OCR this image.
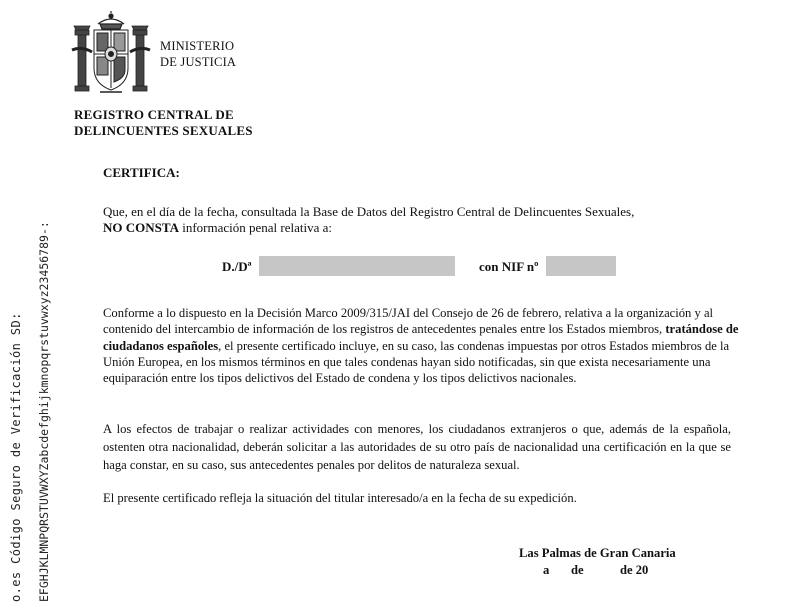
MINISTERIO
DE JUSTICIA
REGISTRO CENTRAL DE
DELINCUENTES SEXUALES
CERTIFICA:
Que, en el día de la fecha, consultada la Base de Datos del Registro Central de Delincuentes Sexuales,
NO CONSTA información penal relativa a:
D./Dª	con NIF nº
Conforme a lo dispuesto en la Decisión Marco 2009/315/JAI del Consejo de 26 de febrero, relativa a la organización y al contenido del intercambio de información de los registros de antecedentes penales entre los Estados miembros, tratándose de ciudadanos españoles, el presente certificado incluye, en su caso, las condenas impuestas por otros Estados miembros de la Unión Europea, en los mismos términos en que tales condenas hayan sido notificadas, sin que exista necesariamente una equiparación entre los tipos delictivos del Estado de condena y los tipos delictivos nacionales.
A los efectos de trabajar o realizar actividades con menores, los ciudadanos extranjeros o que, además de la española, ostenten otra nacionalidad, deberán solicitar a las autoridades de su otro país de nacionalidad una certificación en la que se haga constar, en su caso, sus antecedentes penales por delitos de naturaleza sexual.
El presente certificado refleja la situación del titular interesado/a en la fecha de su expedición.
Las Palmas de Gran Canaria
a de	de 20
o.es Código Seguro de Verificación SD: EFGHJKLMNPQRSTUVWXYZabcdefghijkmnopqrstuvwxyz23456789-:
